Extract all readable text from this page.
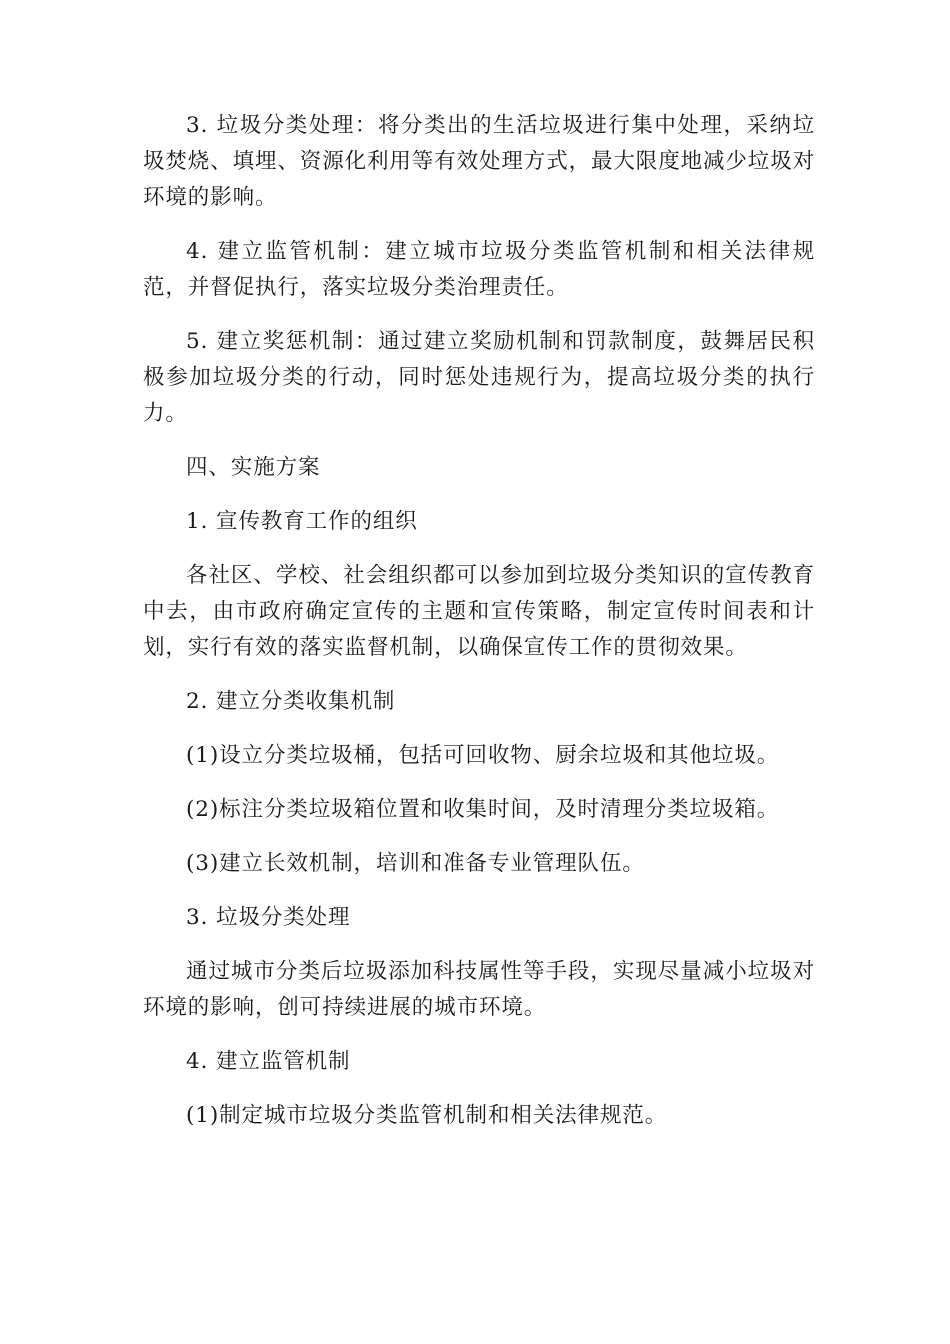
3. 垃圾分类处理：将分类出的生活垃圾进行集中处理，采纳垃圾焚烧、填埋、资源化利用等有效处理方式，最大限度地减少垃圾对环境的影响。

4. 建立监管机制：建立城市垃圾分类监管机制和相关法律规范，并督促执行，落实垃圾分类治理责任。

5. 建立奖惩机制：通过建立奖励机制和罚款制度，鼓舞居民积极参加垃圾分类的行动，同时惩处违规行为，提高垃圾分类的执行力。

四、实施方案

1. 宣传教育工作的组织

各社区、学校、社会组织都可以参加到垃圾分类知识的宣传教育中去，由市政府确定宣传的主题和宣传策略，制定宣传时间表和计划，实行有效的落实监督机制，以确保宣传工作的贯彻效果。

2. 建立分类收集机制

(1)设立分类垃圾桶，包括可回收物、厨余垃圾和其他垃圾。

(2)标注分类垃圾箱位置和收集时间，及时清理分类垃圾箱。

(3)建立长效机制，培训和准备专业管理队伍。

3. 垃圾分类处理

通过城市分类后垃圾添加科技属性等手段，实现尽量减小垃圾对环境的影响，创可持续进展的城市环境。

4. 建立监管机制

(1)制定城市垃圾分类监管机制和相关法律规范。
